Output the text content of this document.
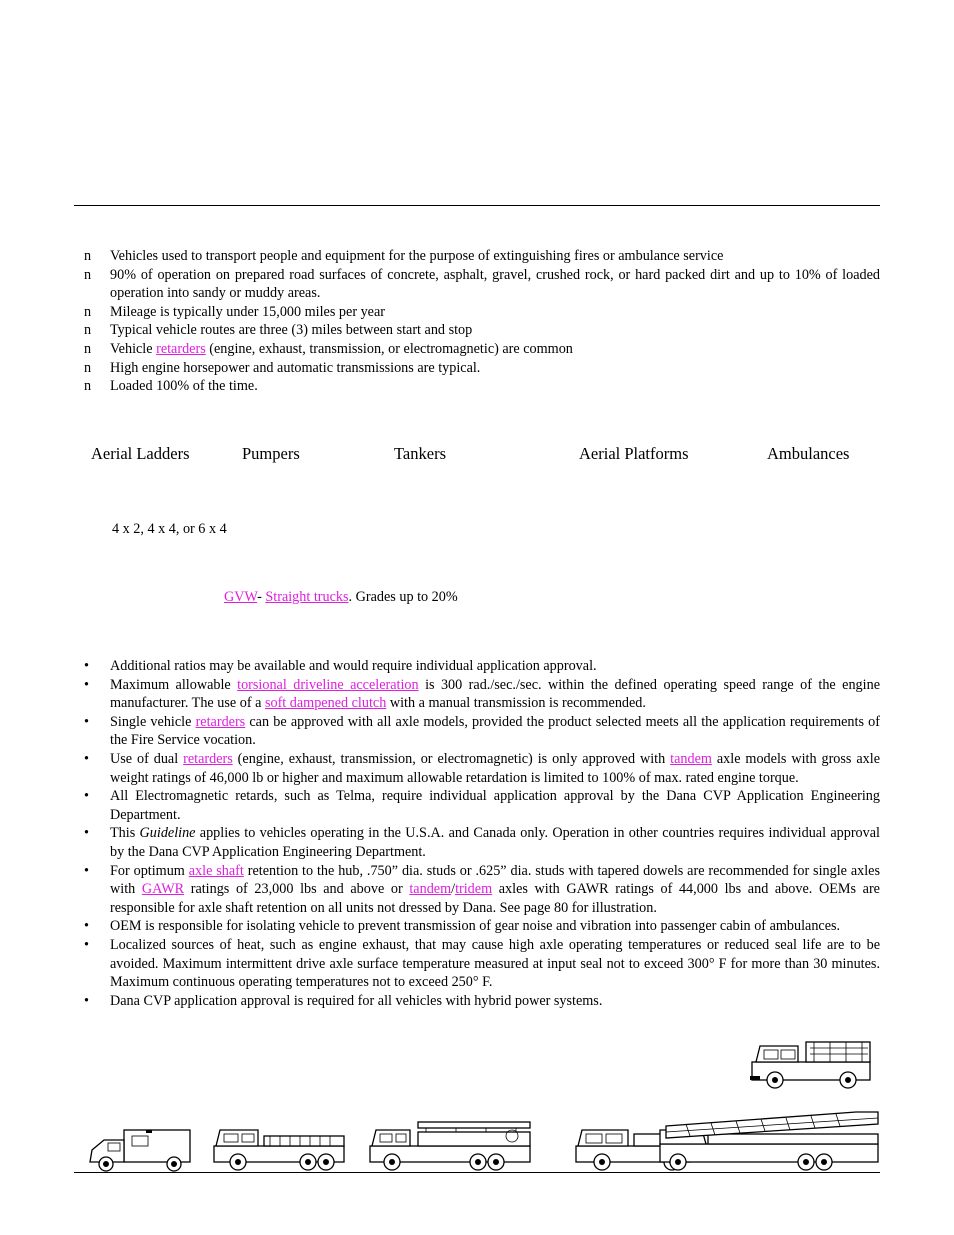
n	Vehicles used to transport people and equipment for the purpose of extinguishing fires or ambulance service
n	90% of operation on prepared road surfaces of concrete, asphalt, gravel, crushed rock, or hard packed dirt and up to 10% of loaded operation into sandy or muddy areas.
n	Mileage is typically under 15,000 miles per year
n	Typical vehicle routes are three (3) miles between start and stop
n	Vehicle retarders (engine, exhaust, transmission, or electromagnetic) are common
n	High engine horsepower and automatic transmissions are typical.
n	Loaded 100% of the time.
Aerial Ladders	Pumpers	Tankers	Aerial Platforms	Ambulances
4 x 2, 4 x 4, or 6 x 4
GVW- Straight trucks. Grades up to 20%
•	Additional ratios may be available and would require individual application approval.
•	Maximum allowable torsional driveline acceleration is 300 rad./sec./sec. within the defined operating speed range of the engine manufacturer. The use of a soft dampened clutch with a manual transmission is recommended.
•	Single vehicle retarders can be approved with all axle models, provided the product selected meets all the application requirements of the Fire Service vocation.
•	Use of dual retarders (engine, exhaust, transmission, or electromagnetic) is only approved with tandem axle models with gross axle weight ratings of 46,000 lb or higher and maximum allowable retardation is limited to 100% of max. rated engine torque.
•	All Electromagnetic retards, such as Telma, require individual application approval by the Dana CVP Application Engineering Department.
•	This Guideline applies to vehicles operating in the U.S.A. and Canada only. Operation in other countries requires individual approval by the Dana CVP Application Engineering Department.
•	For optimum axle shaft retention to the hub, .750” dia. studs or .625” dia. studs with tapered dowels are recommended for single axles with GAWR ratings of 23,000 lbs and above or tandem/tridem axles with GAWR ratings of 44,000 lbs and above. OEMs are responsible for axle shaft retention on all units not dressed by Dana. See page 80 for illustration.
•	OEM is responsible for isolating vehicle to prevent transmission of gear noise and vibration into passenger cabin of ambulances.
•	Localized sources of heat, such as engine exhaust, that may cause high axle operating temperatures or reduced seal life are to be avoided. Maximum intermittent drive axle surface temperature measured at input seal not to exceed 300° F for more than 30 minutes. Maximum continuous operating temperatures not to exceed 250° F.
•	Dana CVP application approval is required for all vehicles with hybrid power systems.
